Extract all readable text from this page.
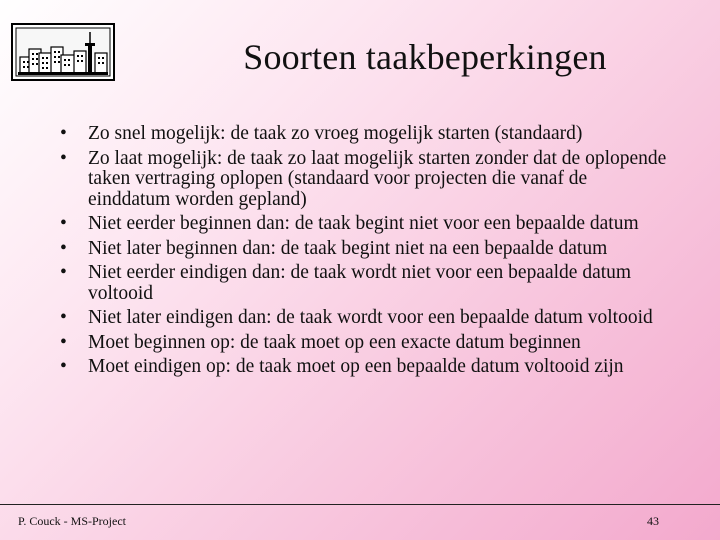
Soorten taakbeperkingen
• Zo snel mogelijk: de taak zo vroeg mogelijk starten (standaard)
• Zo laat mogelijk: de taak zo laat mogelijk starten zonder dat de oplopende taken vertraging oplopen (standaard voor projecten die vanaf de einddatum worden gepland)
• Niet eerder beginnen dan: de taak begint niet voor een bepaalde datum
• Niet later beginnen dan: de taak begint niet na een bepaalde datum
• Niet eerder eindigen dan: de taak wordt niet voor een bepaalde datum voltooid
• Niet later eindigen dan: de taak wordt voor een bepaalde datum voltooid
• Moet beginnen op: de taak moet op een exacte datum beginnen
• Moet eindigen op: de taak moet op een bepaalde datum voltooid zijn
P. Couck - MS-Project	43
